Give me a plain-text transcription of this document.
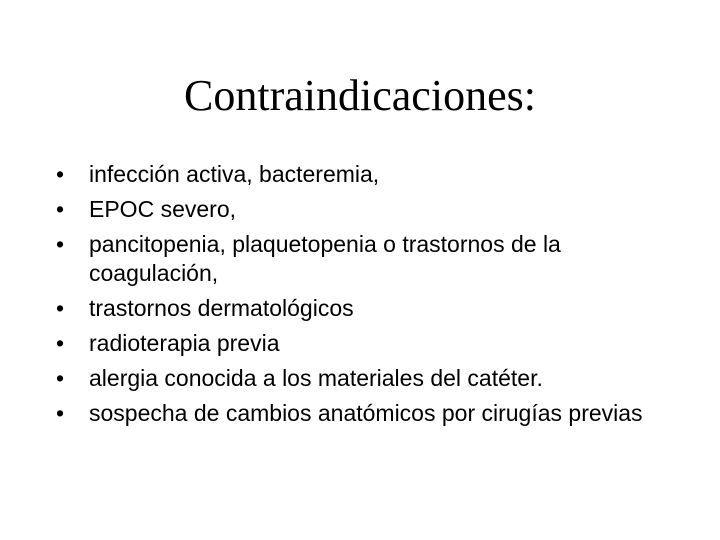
Contraindicaciones:
•	infección activa, bacteremia,
•	EPOC severo,
•	pancitopenia, plaquetopenia o trastornos de la coagulación,
•	trastornos dermatológicos
•	radioterapia previa
•	alergia conocida a los materiales del catéter.
•	sospecha de cambios anatómicos por cirugías previas
